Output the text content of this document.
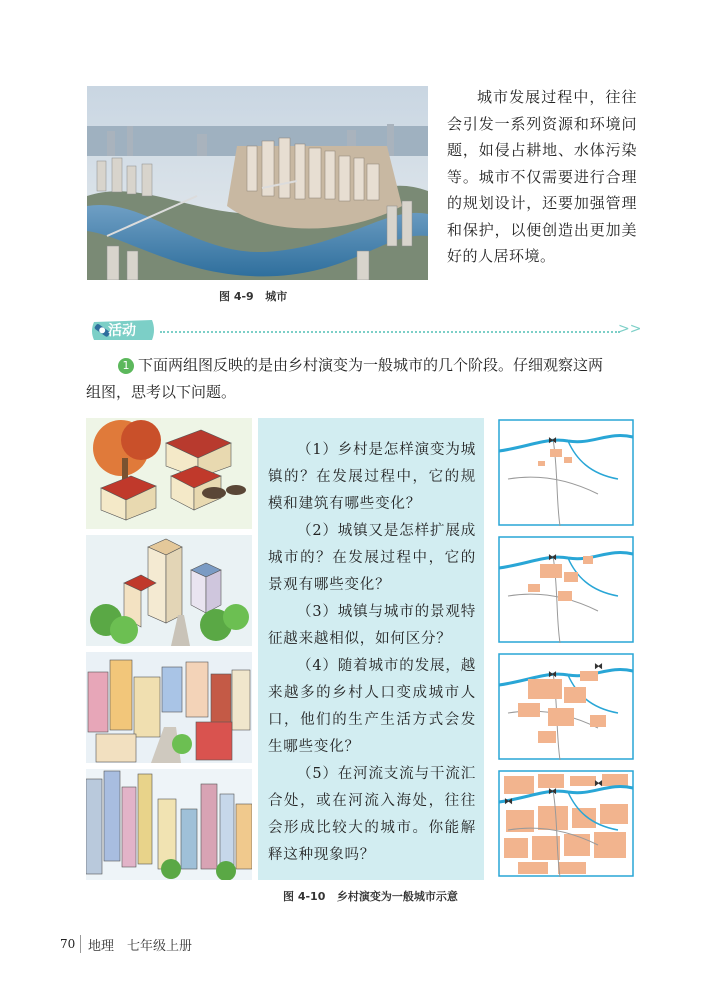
图 4-9 城市
城市发展过程中，往往会引发一系列资源和环境问题，如侵占耕地、水体污染等。城市不仅需要进行合理的规划设计，还要加强管理和保护，以便创造出更加美好的人居环境。
活动	>>
1 下面两组图反映的是由乡村演变为一般城市的几个阶段。仔细观察这两
组图，思考以下问题。

（1）乡村是怎样演变为城镇的？在发展过程中，它的规模和建筑有哪些变化？

（2）城镇又是怎样扩展成城市的？在发展过程中，它的景观有哪些变化？

（3）城镇与城市的景观特征越来越相似，如何区分？

（4）随着城市的发展，越来越多的乡村人口变成城市人口，他们的生产生活方式会发生哪些变化？

（5）在河流支流与干流汇合处，或在河流入海处，往往会形成比较大的城市。你能解释这种现象吗？

⧓
⧓
⧓
⧓
⧓
⧓
⧓
图 4-10 乡村演变为一般城市示意
70 地理　七年级上册
